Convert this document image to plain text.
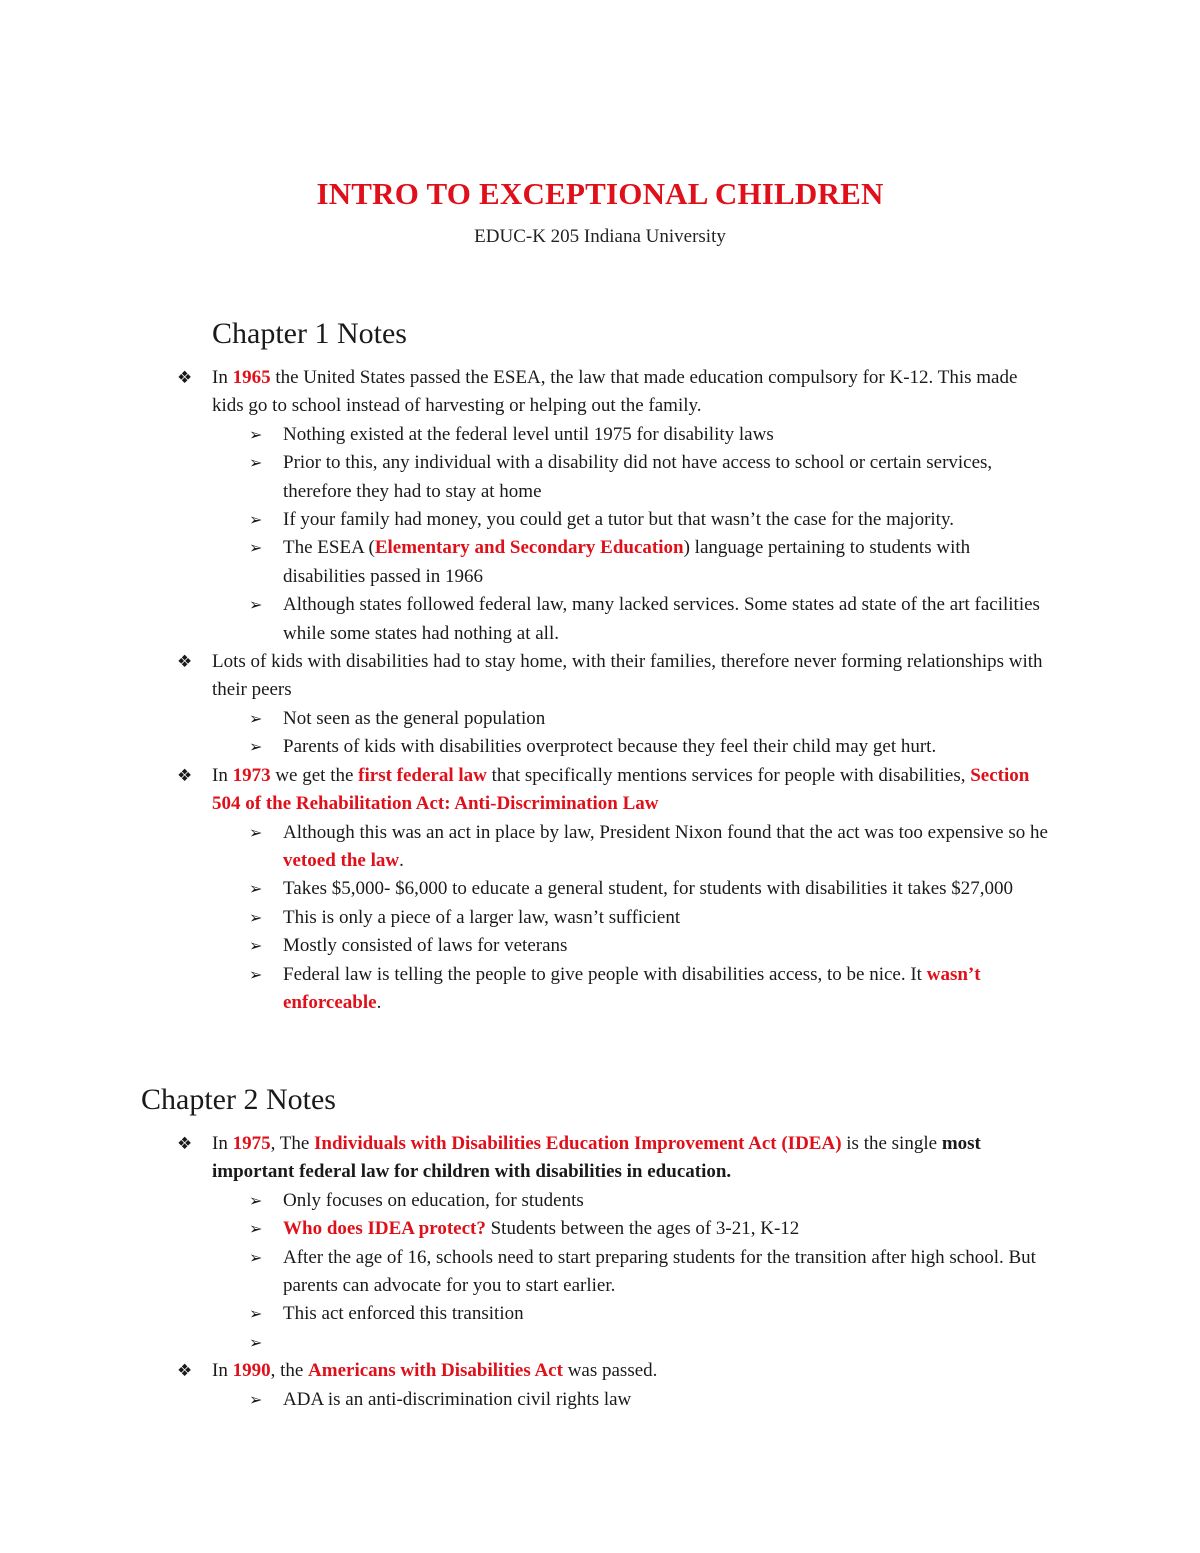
INTRO TO EXCEPTIONAL CHILDREN
EDUC-K 205 Indiana University
Chapter 1 Notes
❖ In 1965 the United States passed the ESEA, the law that made education compulsory for K-12. This made kids go to school instead of harvesting or helping out the family.
➢ Nothing existed at the federal level until 1975 for disability laws
➢ Prior to this, any individual with a disability did not have access to school or certain services, therefore they had to stay at home
➢ If your family had money, you could get a tutor but that wasn’t the case for the majority.
➢ The ESEA (Elementary and Secondary Education) language pertaining to students with disabilities passed in 1966
➢ Although states followed federal law, many lacked services. Some states ad state of the art facilities while some states had nothing at all.
❖ Lots of kids with disabilities had to stay home, with their families, therefore never forming relationships with their peers
➢ Not seen as the general population
➢ Parents of kids with disabilities overprotect because they feel their child may get hurt.
❖ In 1973 we get the first federal law that specifically mentions services for people with disabilities, Section 504 of the Rehabilitation Act: Anti-Discrimination Law
➢ Although this was an act in place by law, President Nixon found that the act was too expensive so he vetoed the law.
➢ Takes $5,000- $6,000 to educate a general student, for students with disabilities it takes $27,000
➢ This is only a piece of a larger law, wasn’t sufficient
➢ Mostly consisted of laws for veterans
➢ Federal law is telling the people to give people with disabilities access, to be nice. It wasn’t enforceable.
Chapter 2 Notes
❖ In 1975, The Individuals with Disabilities Education Improvement Act (IDEA) is the single most important federal law for children with disabilities in education.
➢ Only focuses on education, for students
➢ Who does IDEA protect? Students between the ages of 3-21, K-12
➢ After the age of 16, schools need to start preparing students for the transition after high school. But parents can advocate for you to start earlier.
➢ This act enforced this transition
➢

❖ In 1990, the Americans with Disabilities Act was passed.
➢ ADA is an anti-discrimination civil rights law
